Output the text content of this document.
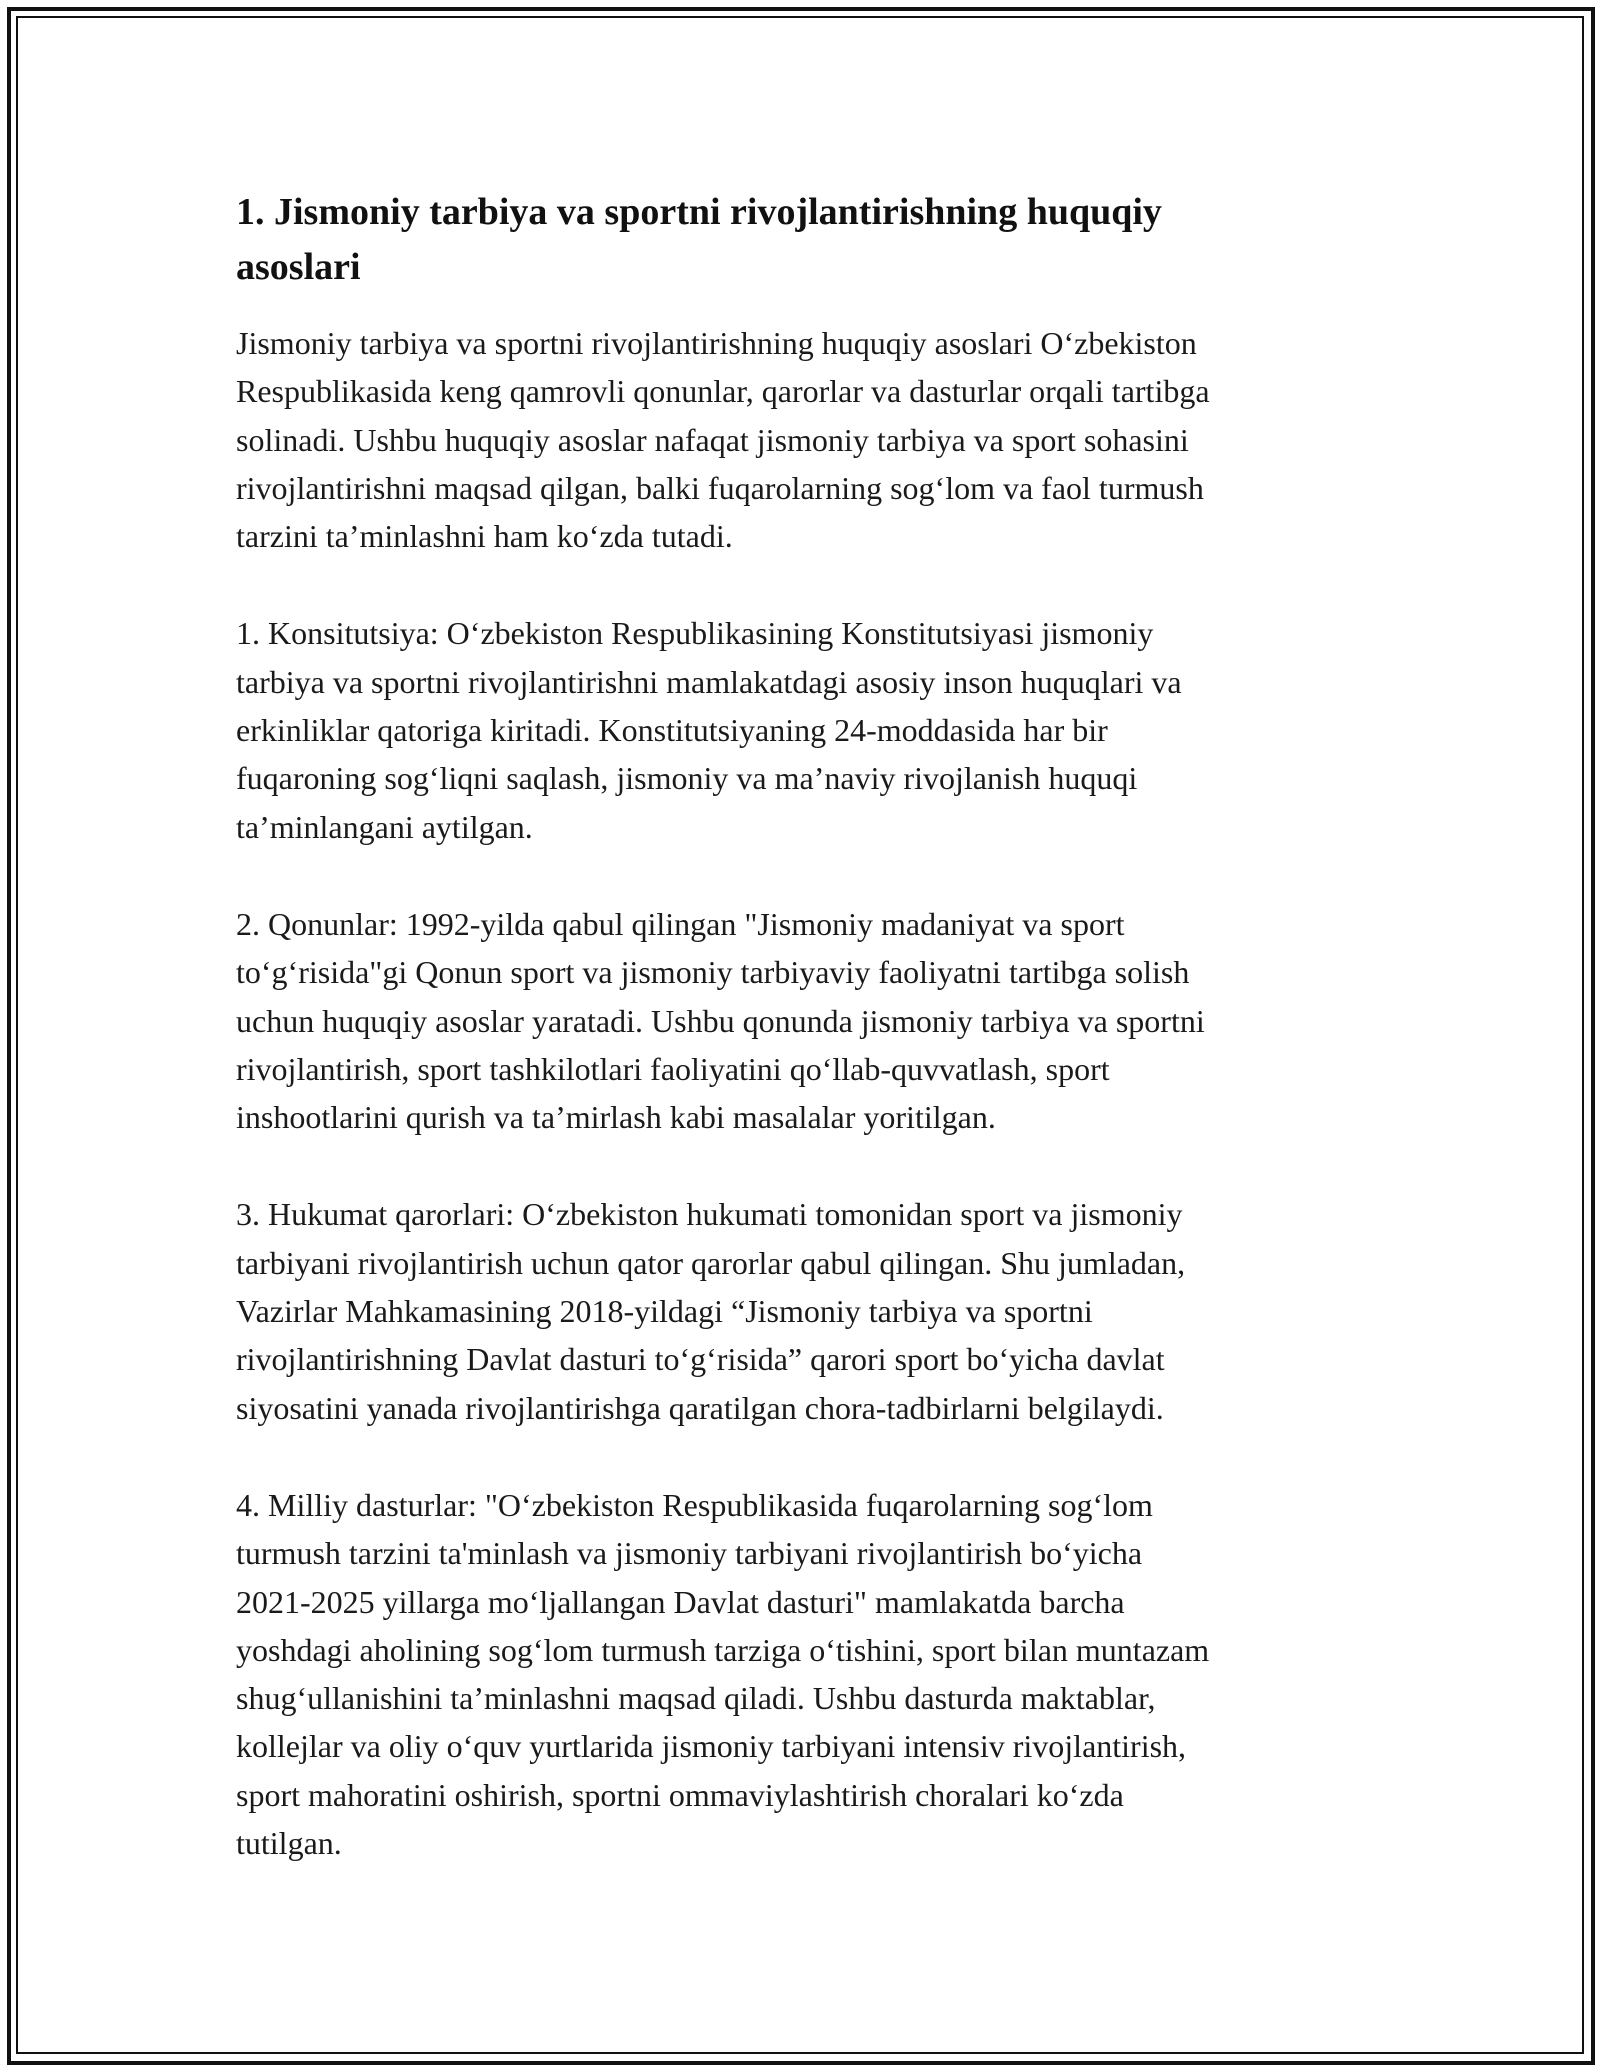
1. Jismoniy tarbiya va sportni rivojlantirishning huquqiy
asoslari

Jismoniy tarbiya va sportni rivojlantirishning huquqiy asoslari O‘zbekiston
Respublikasida keng qamrovli qonunlar, qarorlar va dasturlar orqali tartibga
solinadi. Ushbu huquqiy asoslar nafaqat jismoniy tarbiya va sport sohasini
rivojlantirishni maqsad qilgan, balki fuqarolarning sog‘lom va faol turmush
tarzini ta’minlashni ham ko‘zda tutadi.

1. Konsitutsiya: O‘zbekiston Respublikasining Konstitutsiyasi jismoniy
tarbiya va sportni rivojlantirishni mamlakatdagi asosiy inson huquqlari va
erkinliklar qatoriga kiritadi. Konstitutsiyaning 24-moddasida har bir
fuqaroning sog‘liqni saqlash, jismoniy va ma’naviy rivojlanish huquqi
ta’minlangani aytilgan.

2. Qonunlar: 1992-yilda qabul qilingan "Jismoniy madaniyat va sport
to‘g‘risida"gi Qonun sport va jismoniy tarbiyaviy faoliyatni tartibga solish
uchun huquqiy asoslar yaratadi. Ushbu qonunda jismoniy tarbiya va sportni
rivojlantirish, sport tashkilotlari faoliyatini qo‘llab-quvvatlash, sport
inshootlarini qurish va ta’mirlash kabi masalalar yoritilgan.

3. Hukumat qarorlari: O‘zbekiston hukumati tomonidan sport va jismoniy
tarbiyani rivojlantirish uchun qator qarorlar qabul qilingan. Shu jumladan,
Vazirlar Mahkamasining 2018-yildagi “Jismoniy tarbiya va sportni
rivojlantirishning Davlat dasturi to‘g‘risida” qarori sport bo‘yicha davlat
siyosatini yanada rivojlantirishga qaratilgan chora-tadbirlarni belgilaydi.

4. Milliy dasturlar: "O‘zbekiston Respublikasida fuqarolarning sog‘lom
turmush tarzini ta'minlash va jismoniy tarbiyani rivojlantirish bo‘yicha
2021-2025 yillarga mo‘ljallangan Davlat dasturi" mamlakatda barcha
yoshdagi aholining sog‘lom turmush tarziga o‘tishini, sport bilan muntazam
shug‘ullanishini ta’minlashni maqsad qiladi. Ushbu dasturda maktablar,
kollejlar va oliy o‘quv yurtlarida jismoniy tarbiyani intensiv rivojlantirish,
sport mahoratini oshirish, sportni ommaviylashtirish choralari ko‘zda
tutilgan.
